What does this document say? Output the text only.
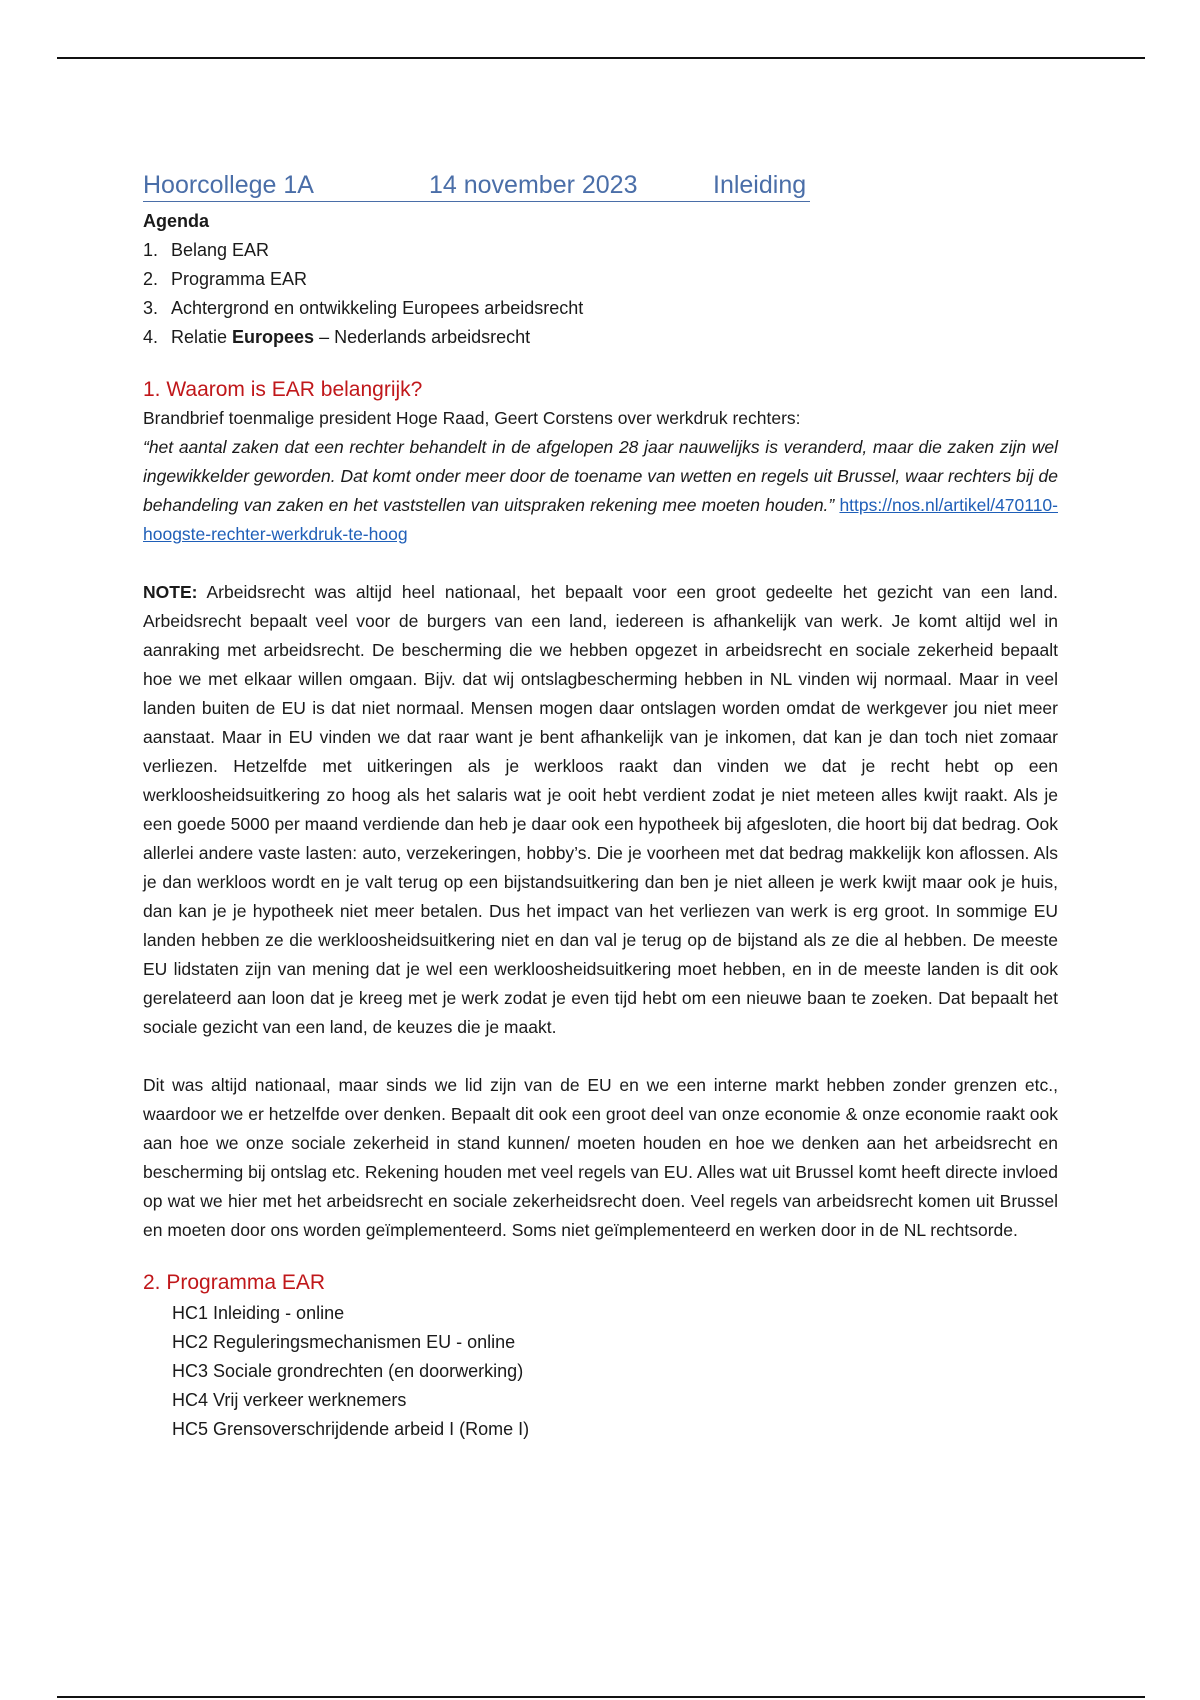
Hoorcollege 1A	14 november 2023	Inleiding
Agenda
1. Belang EAR
2. Programma EAR
3. Achtergrond en ontwikkeling Europees arbeidsrecht
4. Relatie Europees – Nederlands arbeidsrecht
1. Waarom is EAR belangrijk?

Brandbrief toenmalige president Hoge Raad, Geert Corstens over werkdruk rechters:

“het aantal zaken dat een rechter behandelt in de afgelopen 28 jaar nauwelijks is veranderd, maar die zaken zijn wel ingewikkelder geworden. Dat komt onder meer door de toename van wetten en regels uit Brussel, waar rechters bij de behandeling van zaken en het vaststellen van uitspraken rekening mee moeten houden.” https://nos.nl/artikel/470110-hoogste-rechter-werkdruk-te-hoog

NOTE: Arbeidsrecht was altijd heel nationaal, het bepaalt voor een groot gedeelte het gezicht van een land. Arbeidsrecht bepaalt veel voor de burgers van een land, iedereen is afhankelijk van werk. Je komt altijd wel in aanraking met arbeidsrecht. De bescherming die we hebben opgezet in arbeidsrecht en sociale zekerheid bepaalt hoe we met elkaar willen omgaan. Bijv. dat wij ontslagbescherming hebben in NL vinden wij normaal. Maar in veel landen buiten de EU is dat niet normaal. Mensen mogen daar ontslagen worden omdat de werkgever jou niet meer aanstaat. Maar in EU vinden we dat raar want je bent afhankelijk van je inkomen, dat kan je dan toch niet zomaar verliezen. Hetzelfde met uitkeringen als je werkloos raakt dan vinden we dat je recht hebt op een werkloosheidsuitkering zo hoog als het salaris wat je ooit hebt verdient zodat je niet meteen alles kwijt raakt. Als je een goede 5000 per maand verdiende dan heb je daar ook een hypotheek bij afgesloten, die hoort bij dat bedrag. Ook allerlei andere vaste lasten: auto, verzekeringen, hobby’s. Die je voorheen met dat bedrag makkelijk kon aflossen. Als je dan werkloos wordt en je valt terug op een bijstandsuitkering dan ben je niet alleen je werk kwijt maar ook je huis, dan kan je je hypotheek niet meer betalen. Dus het impact van het verliezen van werk is erg groot. In sommige EU landen hebben ze die werkloosheidsuitkering niet en dan val je terug op de bijstand als ze die al hebben. De meeste EU lidstaten zijn van mening dat je wel een werkloosheidsuitkering moet hebben, en in de meeste landen is dit ook gerelateerd aan loon dat je kreeg met je werk zodat je even tijd hebt om een nieuwe baan te zoeken. Dat bepaalt het sociale gezicht van een land, de keuzes die je maakt.

Dit was altijd nationaal, maar sinds we lid zijn van de EU en we een interne markt hebben zonder grenzen etc., waardoor we er hetzelfde over denken. Bepaalt dit ook een groot deel van onze economie & onze economie raakt ook aan hoe we onze sociale zekerheid in stand kunnen/ moeten houden en hoe we denken aan het arbeidsrecht en bescherming bij ontslag etc. Rekening houden met veel regels van EU. Alles wat uit Brussel komt heeft directe invloed op wat we hier met het arbeidsrecht en sociale zekerheidsrecht doen. Veel regels van arbeidsrecht komen uit Brussel en moeten door ons worden geïmplementeerd. Soms niet geïmplementeerd en werken door in de NL rechtsorde.

2. Programma EAR
HC1 Inleiding - online
HC2 Reguleringsmechanismen EU - online
HC3 Sociale grondrechten (en doorwerking)
HC4 Vrij verkeer werknemers
HC5 Grensoverschrijdende arbeid I (Rome I)
